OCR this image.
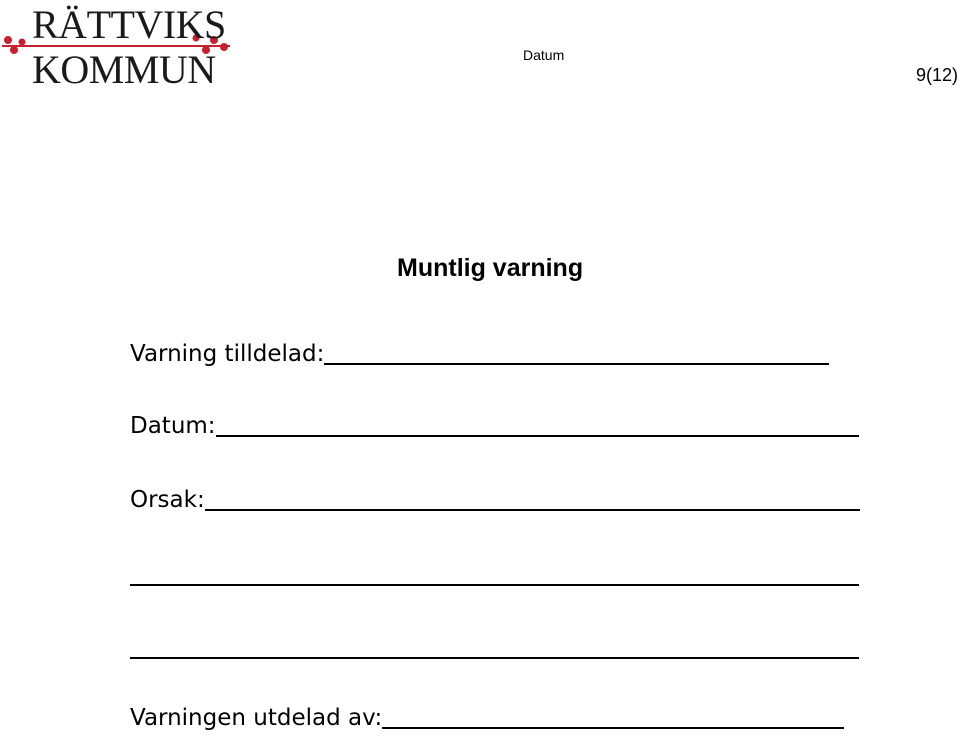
RÄTTVIKS
KOMMUN	Datum
9(12)
Muntlig varning
Varning tilldelad:
Datum:
Orsak:
Varningen utdelad av:
